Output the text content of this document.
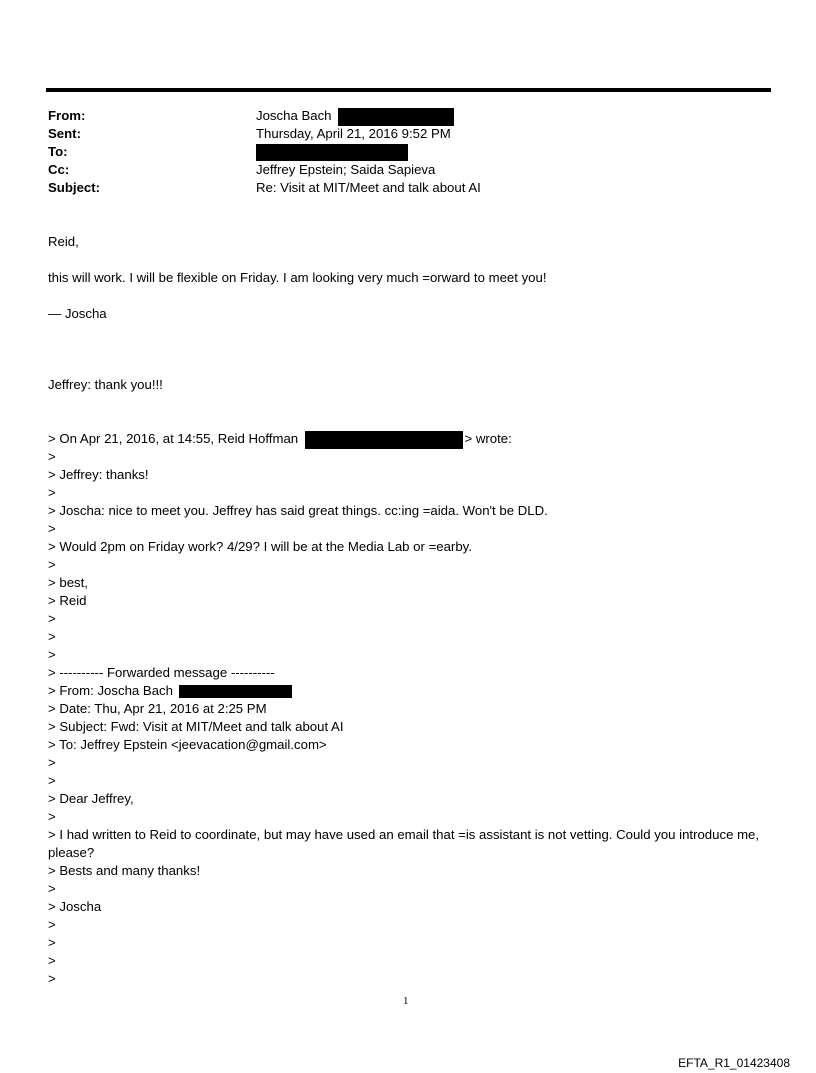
From:	Joscha Bach
Sent:	Thursday, April 21, 2016 9:52 PM
To:
Cc:	Jeffrey Epstein; Saida Sapieva
Subject:	Re: Visit at MIT/Meet and talk about AI
Reid,
this will work. I will be flexible on Friday. I am looking very much =orward to meet you!
— Joscha
Jeffrey: thank you!!!
> On Apr 21, 2016, at 14:55, Reid Hoffman	> wrote:
>
> Jeffrey: thanks!
>
> Joscha: nice to meet you. Jeffrey has said great things. cc:ing =aida. Won't be DLD.
>
> Would 2pm on Friday work? 4/29? I will be at the Media Lab or =earby.
>
> best,
> Reid
>
>
>
> ---------- Forwarded message ----------
> From: Joscha Bach
> Date: Thu, Apr 21, 2016 at 2:25 PM
> Subject: Fwd: Visit at MIT/Meet and talk about AI
> To: Jeffrey Epstein <jeevacation@gmail.com>
>
>
> Dear Jeffrey,
>
> I had written to Reid to coordinate, but may have used an email that =is assistant is not vetting. Could you introduce me, please?
> Bests and many thanks!
>
> Joscha
>
>
>
>
1
EFTA_R1_01423408
